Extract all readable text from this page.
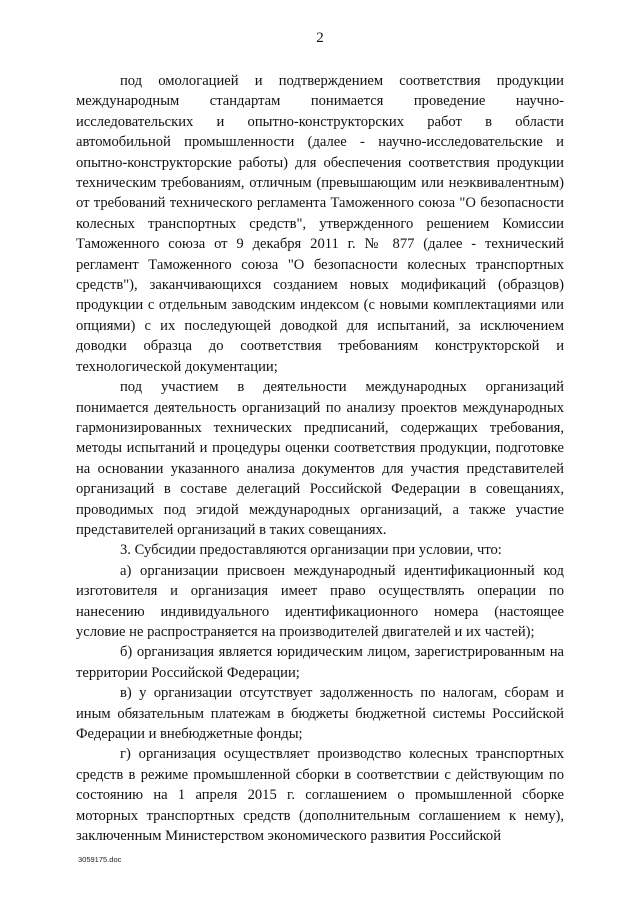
2

под омологацией и подтверждением соответствия продукции международным стандартам понимается проведение научно-исследовательских и опытно-конструкторских работ в области автомобильной промышленности (далее - научно-исследовательские и опытно-конструкторские работы) для обеспечения соответствия продукции техническим требованиям, отличным (превышающим или неэквивалентным) от требований технического регламента Таможенного союза "О безопасности колесных транспортных средств", утвержденного решением Комиссии Таможенного союза от 9 декабря 2011 г. № 877 (далее - технический регламент Таможенного союза "О безопасности колесных транспортных средств"), заканчивающихся созданием новых модификаций (образцов) продукции с отдельным заводским индексом (с новыми комплектациями или опциями) с их последующей доводкой для испытаний, за исключением доводки образца до соответствия требованиям конструкторской и технологической документации;

под участием в деятельности международных организаций понимается деятельность организаций по анализу проектов международных гармонизированных технических предписаний, содержащих требования, методы испытаний и процедуры оценки соответствия продукции, подготовке на основании указанного анализа документов для участия представителей организаций в составе делегаций Российской Федерации в совещаниях, проводимых под эгидой международных организаций, а также участие представителей организаций в таких совещаниях.

3. Субсидии предоставляются организации при условии, что:

а) организации присвоен международный идентификационный код изготовителя и организация имеет право осуществлять операции по нанесению индивидуального идентификационного номера (настоящее условие не распространяется на производителей двигателей и их частей);

б) организация является юридическим лицом, зарегистрированным на территории Российской Федерации;

в) у организации отсутствует задолженность по налогам, сборам и иным обязательным платежам в бюджеты бюджетной системы Российской Федерации и внебюджетные фонды;

г) организация осуществляет производство колесных транспортных средств в режиме промышленной сборки в соответствии с действующим по состоянию на 1 апреля 2015 г. соглашением о промышленной сборке моторных транспортных средств (дополнительным соглашением к нему), заключенным Министерством экономического развития Российской

3059175.doc
